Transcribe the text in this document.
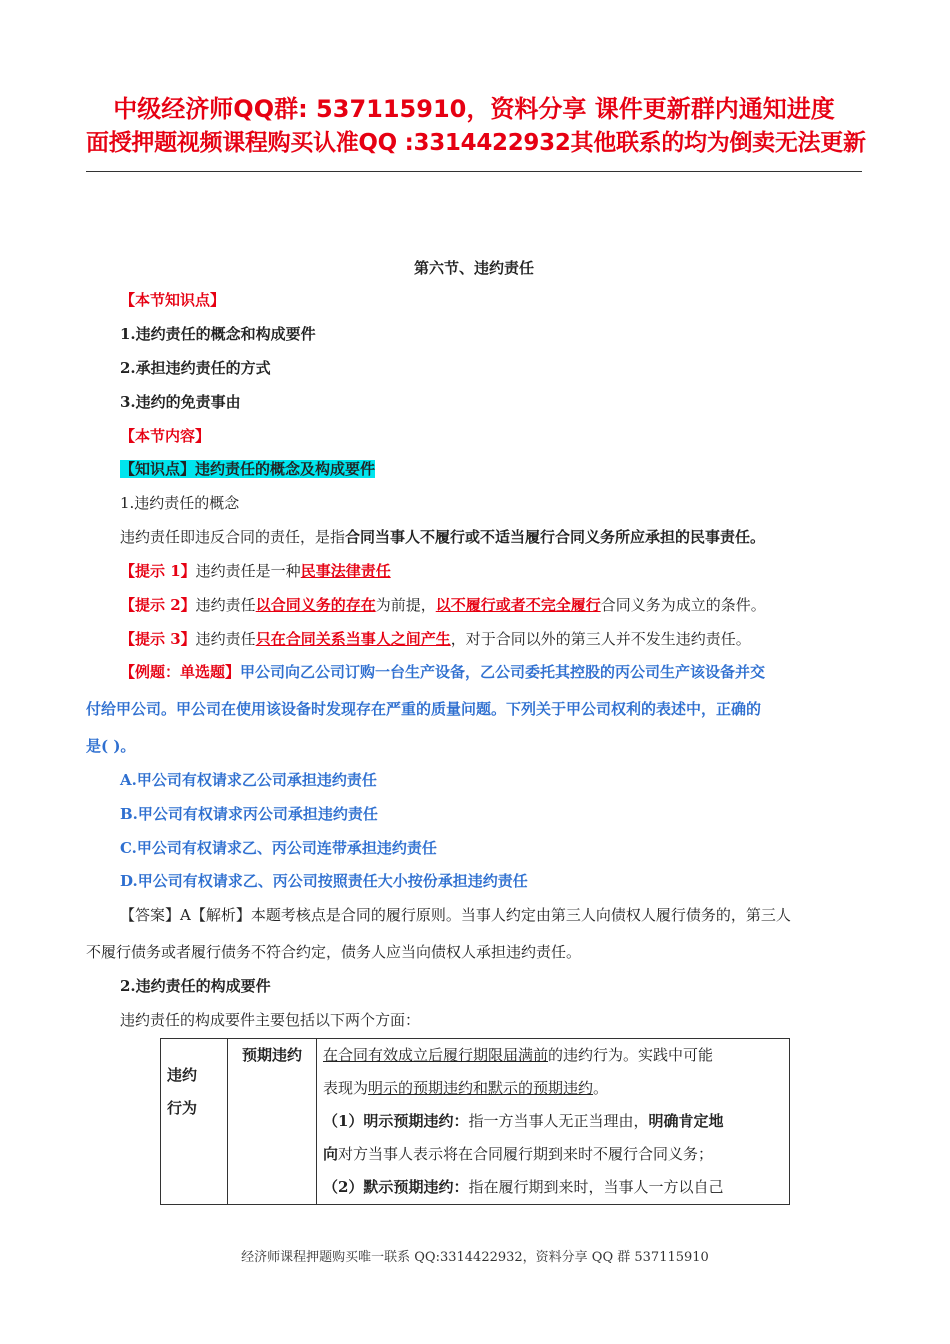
中级经济师QQ群: 537115910，资料分享 课件更新群内通知进度
面授押题视频课程购买认准QQ :3314422932其他联系的均为倒卖无法更新
第六节、违约责任
【本节知识点】
1.违约责任的概念和构成要件
2.承担违约责任的方式
3.违约的免责事由
【本节内容】
【知识点】违约责任的概念及构成要件
1.违约责任的概念
违约责任即违反合同的责任，是指合同当事人不履行或不适当履行合同义务所应承担的民事责任。
【提示 1】违约责任是一种民事法律责任
【提示 2】违约责任以合同义务的存在为前提，以不履行或者不完全履行合同义务为成立的条件。
【提示 3】违约责任只在合同关系当事人之间产生，对于合同以外的第三人并不发生违约责任。
【例题：单选题】甲公司向乙公司订购一台生产设备，乙公司委托其控股的丙公司生产该设备并交
付给甲公司。甲公司在使用该设备时发现存在严重的质量问题。下列关于甲公司权利的表述中，正确的
是( )。
A.甲公司有权请求乙公司承担违约责任
B.甲公司有权请求丙公司承担违约责任
C.甲公司有权请求乙、丙公司连带承担违约责任
D.甲公司有权请求乙、丙公司按照责任大小按份承担违约责任
【答案】A【解析】本题考核点是合同的履行原则。当事人约定由第三人向债权人履行债务的，第三人
不履行债务或者履行债务不符合约定，债务人应当向债权人承担违约责任。
2.违约责任的构成要件
违约责任的构成要件主要包括以下两个方面：
违约
行为
	预期违约	在合同有效成立后履行期限届满前的违约行为。实践中可能
表现为明示的预期违约和默示的预期违约。
（1）明示预期违约：指一方当事人无正当理由，明确肯定地
向对方当事人表示将在合同履行期到来时不履行合同义务；
（2）默示预期违约：指在履行期到来时，当事人一方以自己
经济师课程押题购买唯一联系 QQ:3314422932，资料分享 QQ 群 537115910
